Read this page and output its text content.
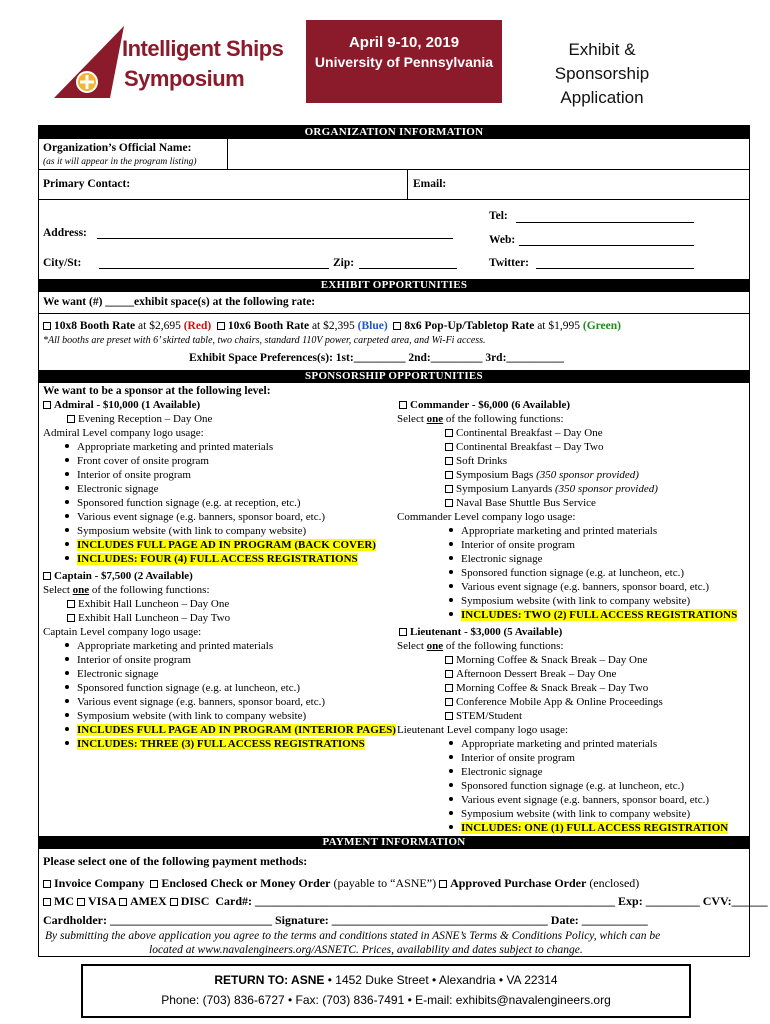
Intelligent Ships
Symposium
April 9-10, 2019
University of Pennsylvania
Exhibit & Sponsorship
Application
ORGANIZATION INFORMATION
Organization’s Official Name:
(as it will appear in the program listing)
Primary Contact:	Email:
Tel:
Address:
Web:
City/St:	Zip:	Twitter:
EXHIBIT OPPORTUNITIES
We want (#) _____exhibit space(s) at the following rate:
10x8 Booth Rate at $2,695 (Red) 10x6 Booth Rate at $2,395 (Blue) 8x6 Pop-Up/Tabletop Rate at $1,995 (Green)
*All booths are preset with 6’ skirted table, two chairs, standard 110V power, carpeted area, and Wi-Fi access.
Exhibit Space Preferences(s): 1st:_________ 2nd:_________ 3rd:__________
SPONSORSHIP OPPORTUNITIES
We want to be a sponsor at the following level:
Admiral - $10,000 (1 Available)
Evening Reception – Day One
Admiral Level company logo usage:
Appropriate marketing and printed materials
Front cover of onsite program
Interior of onsite program
Electronic signage
Sponsored function signage (e.g. at reception, etc.)
Various event signage (e.g. banners, sponsor board, etc.)
Symposium website (with link to company website)
INCLUDES FULL PAGE AD IN PROGRAM (BACK COVER)
INCLUDES: FOUR (4) FULL ACCESS REGISTRATIONS
Captain - $7,500 (2 Available)
Select one of the following functions:
Exhibit Hall Luncheon – Day One
Exhibit Hall Luncheon – Day Two
Captain Level company logo usage:
Appropriate marketing and printed materials
Interior of onsite program
Electronic signage
Sponsored function signage (e.g. at luncheon, etc.)
Various event signage (e.g. banners, sponsor board, etc.)
Symposium website (with link to company website)
INCLUDES FULL PAGE AD IN PROGRAM (INTERIOR PAGES)
INCLUDES: THREE (3) FULL ACCESS REGISTRATIONS
Commander - $6,000 (6 Available)
Select one of the following functions:
Continental Breakfast – Day One
Continental Breakfast – Day Two
Soft Drinks
Symposium Bags (350 sponsor provided)
Symposium Lanyards (350 sponsor provided)
Naval Base Shuttle Bus Service
Commander Level company logo usage:
Appropriate marketing and printed materials
Interior of onsite program
Electronic signage
Sponsored function signage (e.g. at luncheon, etc.)
Various event signage (e.g. banners, sponsor board, etc.)
Symposium website (with link to company website)
INCLUDES: TWO (2) FULL ACCESS REGISTRATIONS
Lieutenant - $3,000 (5 Available)
Select one of the following functions:
Morning Coffee & Snack Break – Day One
Afternoon Dessert Break – Day One
Morning Coffee & Snack Break – Day Two
Conference Mobile App & Online Proceedings
STEM/Student
Lieutenant Level company logo usage:
Appropriate marketing and printed materials
Interior of onsite program
Electronic signage
Sponsored function signage (e.g. at luncheon, etc.)
Various event signage (e.g. banners, sponsor board, etc.)
Symposium website (with link to company website)
INCLUDES: ONE (1) FULL ACCESS REGISTRATION
PAYMENT INFORMATION
Please select one of the following payment methods:
Invoice Company Enclosed Check or Money Order (payable to “ASNE”) Approved Purchase Order (enclosed)
MC VISA AMEX DISC Card#: ____________________________________________________________ Exp: _________ CVV:______
Cardholder: ___________________________ Signature: ____________________________________ Date: ___________
By submitting the above application you agree to the terms and conditions stated in ASNE’s Terms & Conditions Policy, which can be
located at www.navalengineers.org/ASNETC. Prices, availability and dates subject to change.
RETURN TO: ASNE • 1452 Duke Street • Alexandria • VA 22314
Phone: (703) 836-6727 • Fax: (703) 836-7491 • E-mail: exhibits@navalengineers.org
